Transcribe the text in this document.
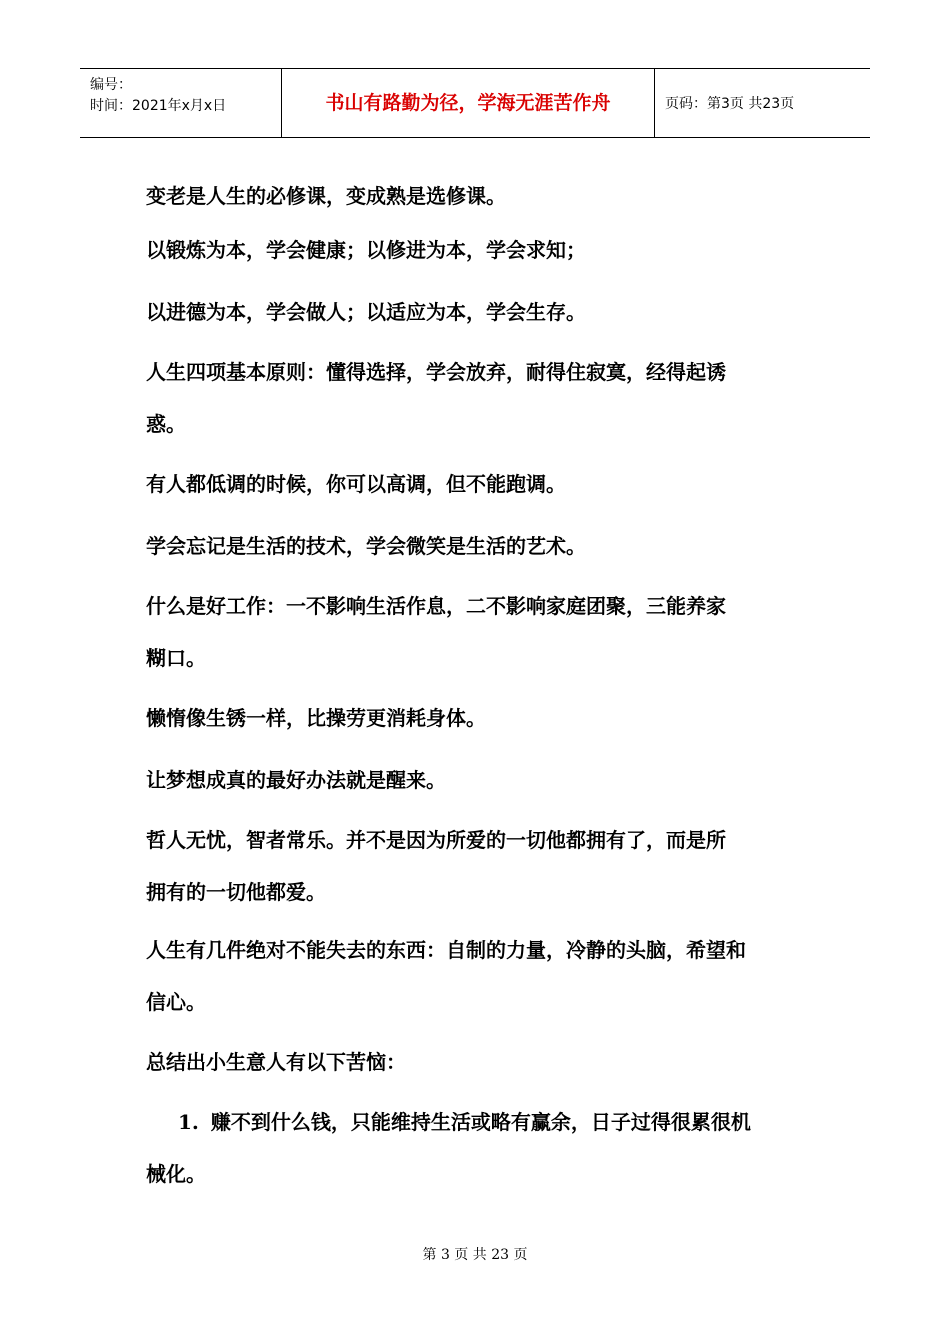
编号：
时间：2021年x月x日	书山有路勤为径，学海无涯苦作舟	页码：第3页 共23页

变老是人生的必修课，变成熟是选修课。

以锻炼为本，学会健康；以修进为本，学会求知；

以进德为本，学会做人；以适应为本，学会生存。

人生四项基本原则：懂得选择，学会放弃，耐得住寂寞，经得起诱

惑。

有人都低调的时候，你可以高调，但不能跑调。

学会忘记是生活的技术，学会微笑是生活的艺术。

什么是好工作：一不影响生活作息，二不影响家庭团聚，三能养家

糊口。

懒惰像生锈一样，比操劳更消耗身体。

让梦想成真的最好办法就是醒来。

哲人无忧，智者常乐。并不是因为所爱的一切他都拥有了，而是所

拥有的一切他都爱。

人生有几件绝对不能失去的东西：自制的力量，冷静的头脑，希望和

信心。

总结出小生意人有以下苦恼：

1. 赚不到什么钱，只能维持生活或略有赢余，日子过得很累很机

械化。

第 3 页 共 23 页
